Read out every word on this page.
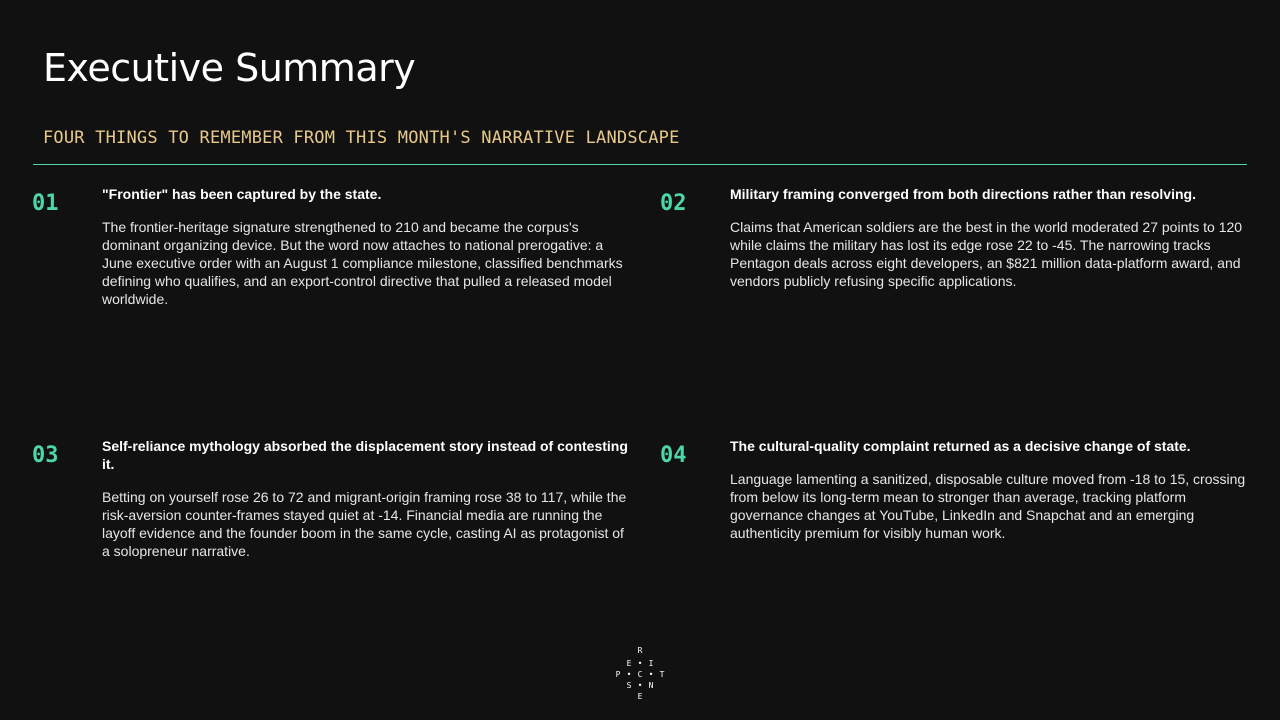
Executive Summary
FOUR THINGS TO REMEMBER FROM THIS MONTH'S NARRATIVE LANDSCAPE
01	"Frontier" has been captured by the state.

The frontier-heritage signature strengthened to 210 and became the corpus's dominant organizing device. But the word now attaches to national prerogative: a June executive order with an August 1 compliance milestone, classified benchmarks defining who qualifies, and an export-control directive that pulled a released model worldwide.

02	Military framing converged from both directions rather than resolving.

Claims that American soldiers are the best in the world moderated 27 points to 120 while claims the military has lost its edge rose 22 to -45. The narrowing tracks Pentagon deals across eight developers, an $821 million data-platform award, and vendors publicly refusing specific applications.

03	Self-reliance mythology absorbed the displacement story instead of contesting it.

Betting on yourself rose 26 to 72 and migrant-origin framing rose 38 to 117, while the risk-aversion counter-frames stayed quiet at -14. Financial media are running the layoff evidence and the founder boom in the same cycle, casting AI as protagonist of a solopreneur narrative.

04	The cultural-quality complaint returned as a decisive change of state.

Language lamenting a sanitized, disposable culture moved from -18 to 15, crossing from below its long-term mean to stronger than average, tracking platform governance changes at YouTube, LinkedIn and Snapchat and an emerging authenticity premium for visibly human work.

R
E • I
P • C • T
S • N
E
